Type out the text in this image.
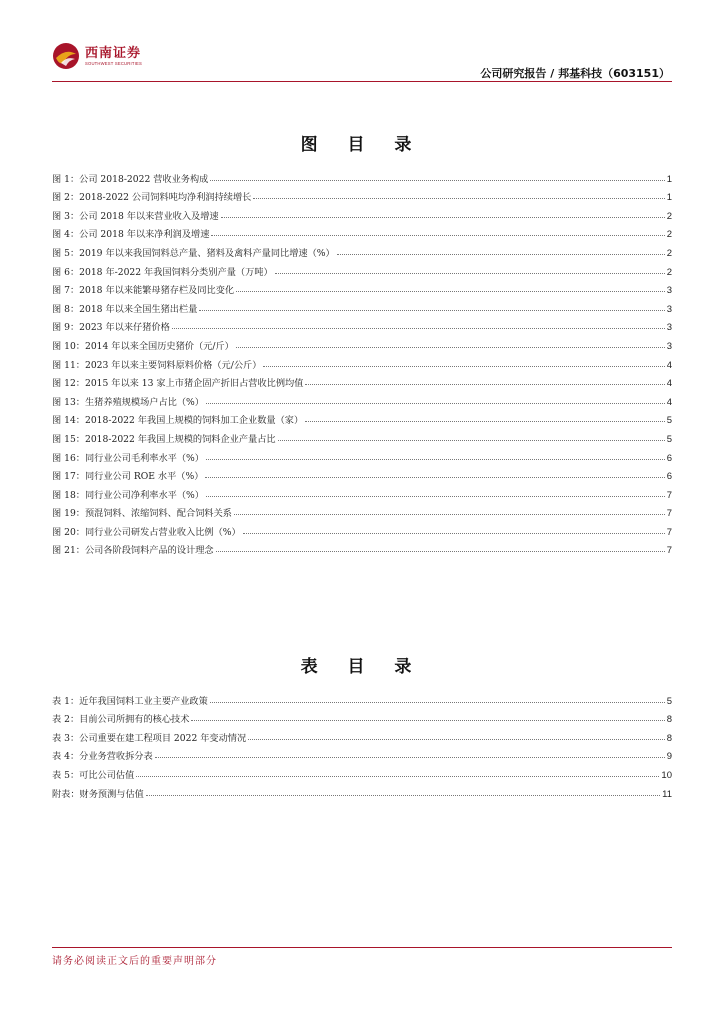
西南证券
SOUTHWEST SECURITIES
公司研究报告 / 邦基科技（603151）
图 目 录
图 1：公司 2018-2022 营收业务构成	1
图 2：2018-2022 公司饲料吨均净利润持续增长	1
图 3：公司 2018 年以来营业收入及增速	2
图 4：公司 2018 年以来净利润及增速	2
图 5：2019 年以来我国饲料总产量、猪料及禽料产量同比增速（%）	2
图 6：2018 年-2022 年我国饲料分类别产量（万吨）	2
图 7：2018 年以来能繁母猪存栏及同比变化	3
图 8：2018 年以来全国生猪出栏量	3
图 9：2023 年以来仔猪价格	3
图 10：2014 年以来全国历史猪价（元/斤）	3
图 11：2023 年以来主要饲料原料价格（元/公斤）	4
图 12：2015 年以来 13 家上市猪企固产折旧占营收比例均值	4
图 13：生猪养殖规模场户占比（%）	4
图 14：2018-2022 年我国上规模的饲料加工企业数量（家）	5
图 15：2018-2022 年我国上规模的饲料企业产量占比	5
图 16：同行业公司毛利率水平（%）	6
图 17：同行业公司 ROE 水平（%）	6
图 18：同行业公司净利率水平（%）	7
图 19：预混饲料、浓缩饲料、配合饲料关系	7
图 20：同行业公司研发占营业收入比例（%）	7
图 21：公司各阶段饲料产品的设计理念	7
表 目 录
表 1：近年我国饲料工业主要产业政策	5
表 2：目前公司所拥有的核心技术	8
表 3：公司重要在建工程项目 2022 年变动情况	8
表 4：分业务营收拆分表	9
表 5：可比公司估值	10
附表：财务预测与估值	11
请务必阅读正文后的重要声明部分
